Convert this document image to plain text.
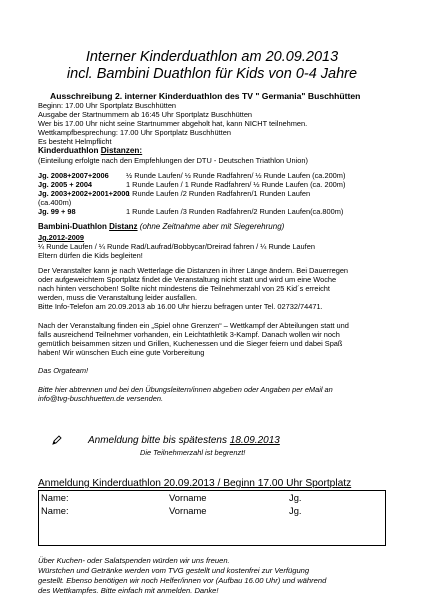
Interner Kinderduathlon am 20.09.2013
incl. Bambini Duathlon für Kids von 0-4 Jahre
Ausschreibung 2. interner Kinderduathlon des TV " Germania" Buschhütten
Beginn: 17.00 Uhr Sportplatz Buschhütten
Ausgabe der Startnummern ab 16:45 Uhr Sportplatz Buschhütten
Wer bis 17.00 Uhr nicht seine Startnummer abgeholt hat, kann NICHT teilnehmen.
Wettkampfbesprechung: 17.00 Uhr Sportplatz Buschhütten
Es besteht Helmpflicht
Kinderduathlon Distanzen:
(Einteilung erfolgte nach den Empfehlungen der DTU - Deutschen Triathlon Union)
Jg. 2008+2007+2006 ½ Runde Laufen/ ½ Runde Radfahren/ ½ Runde Laufen (ca.200m)
Jg. 2005 + 2004	1 Runde Laufen / 1 Runde Radfahren/ ½ Runde Laufen (ca. 200m)
Jg. 2003+2002+2001+2000
1 Runde Laufen /2 Runden Radfahren/1 Runden Laufen
(ca.400m)
Jg. 99 + 98	1 Runde Laufen /3 Runden Radfahren/2 Runden Laufen(ca.800m)
Bambini-Duathlon Distanz (ohne Zeitnahme aber mit Siegerehrung)
Jg.2012-2009
¼ Runde Laufen / ¼ Runde Rad/Laufrad/Bobbycar/Dreirad fahren / ¼ Runde Laufen
Eltern dürfen die Kids begleiten!
Der Veranstalter kann je nach Wetterlage die Distanzen in ihrer Länge ändern. Bei Dauerregen
oder aufgeweichtem Sportplatz findet die Veranstaltung nicht statt und wird um eine Woche
nach hinten verschoben! Sollte nicht mindestens die Teilnehmerzahl von 25 Kid´s erreicht
werden, muss die Veranstaltung leider ausfallen.
Bitte Info-Telefon am 20.09.2013 ab 16.00 Uhr hierzu befragen unter Tel. 02732/74471.
Nach der Veranstaltung finden ein „Spiel ohne Grenzen“ – Wettkampf der Abteilungen statt und
falls ausreichend Teilnehmer vorhanden, ein Leichtathletik 3-Kampf. Danach wollen wir noch
gemütlich beisammen sitzen und Grillen, Kuchenessen und die Sieger feiern und dabei Spaß
haben! Wir wünschen Euch eine gute Vorbereitung
Das Orgateam!
Bitte hier abtrennen und bei den Übungsleitern/innen abgeben oder Angaben per eMail an
info@tvg-buschhuetten.de versenden.
Anmeldung bitte bis spätestens 18.09.2013
Die Teilnehmerzahl ist begrenzt!
Anmeldung Kinderduathlon 20.09.2013 / Beginn 17.00 Uhr Sportplatz
Name:	Vorname	Jg.
Name:	Vorname	Jg.
Über Kuchen- oder Salatspenden würden wir uns freuen.
Würstchen und Getränke werden vom TVG gestellt und kostenfrei zur Verfügung
gestellt. Ebenso benötigen wir noch Helfer/innen vor (Aufbau 16.00 Uhr) und während
des Wettkampfes. Bitte einfach mit anmelden. Danke!
